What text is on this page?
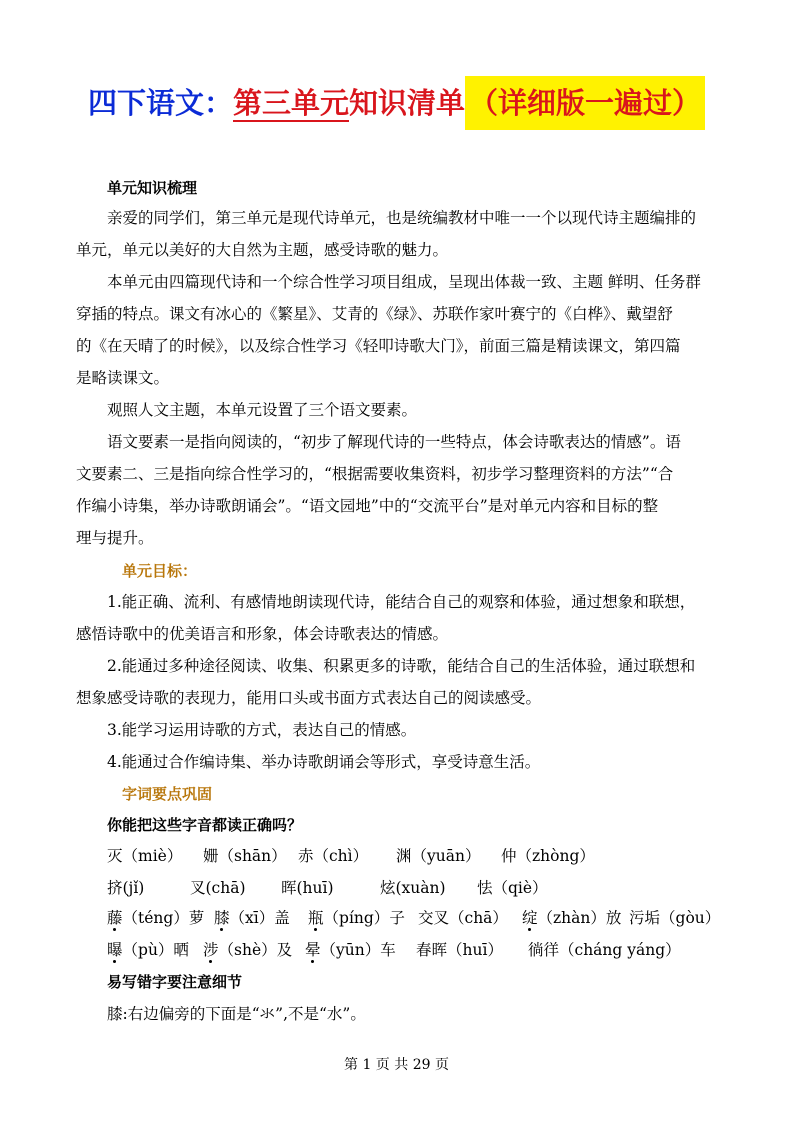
四下语文：第三单元知识清单 （详细版一遍过）
单元知识梳理
亲爱的同学们，第三单元是现代诗单元，也是统编教材中唯一一个以现代诗主题编排的
单元，单元以美好的大自然为主题，感受诗歌的魅力。
本单元由四篇现代诗和一个综合性学习项目组成，呈现出体裁一致、主题 鲜明、任务群
穿插的特点。课文有冰心的《繁星》、艾青的《绿》、苏联作家叶赛宁的《白桦》、戴望舒
的《在天晴了的时候》，以及综合性学习《轻叩诗歌大门》，前面三篇是精读课文，第四篇
是略读课文。
观照人文主题，本单元设置了三个语文要素。
语文要素一是指向阅读的，“初步了解现代诗的一些特点，体会诗歌表达的情感”。语
文要素二、三是指向综合性学习的，“根据需要收集资料，初步学习整理资料的方法”“合
作编小诗集，举办诗歌朗诵会”。“语文园地”中的“交流平台”是对单元内容和目标的整
理与提升。
单元目标：
1.能正确、流利、有感情地朗读现代诗，能结合自己的观察和体验，通过想象和联想，
感悟诗歌中的优美语言和形象，体会诗歌表达的情感。
2.能通过多种途径阅读、收集、积累更多的诗歌，能结合自己的生活体验，通过联想和
想象感受诗歌的表现力，能用口头或书面方式表达自己的阅读感受。
3.能学习运用诗歌的方式，表达自己的情感。
4.能通过合作编诗集、举办诗歌朗诵会等形式，享受诗意生活。
字词要点巩固
你能把这些字音都读正确吗？
灭（miè） 姗（shān） 赤（chì） 渊（yuān） 仲（zhòng）
挤(jǐ)	叉(chā) 晖(huī)	炫(xuàn) 怯（qiè）
藤（téng）萝 膝（xī）盖 瓶（píng）子 交叉（chā） 绽（zhàn）放 污垢（gòu）
曝（pù）晒 涉（shè）及 晕（yūn）车 春晖（huī） 徜徉（cháng yáng）
易写错字要注意细节
膝:右边偏旁的下面是“氺”,不是“水”。
第 1 页 共 29 页
